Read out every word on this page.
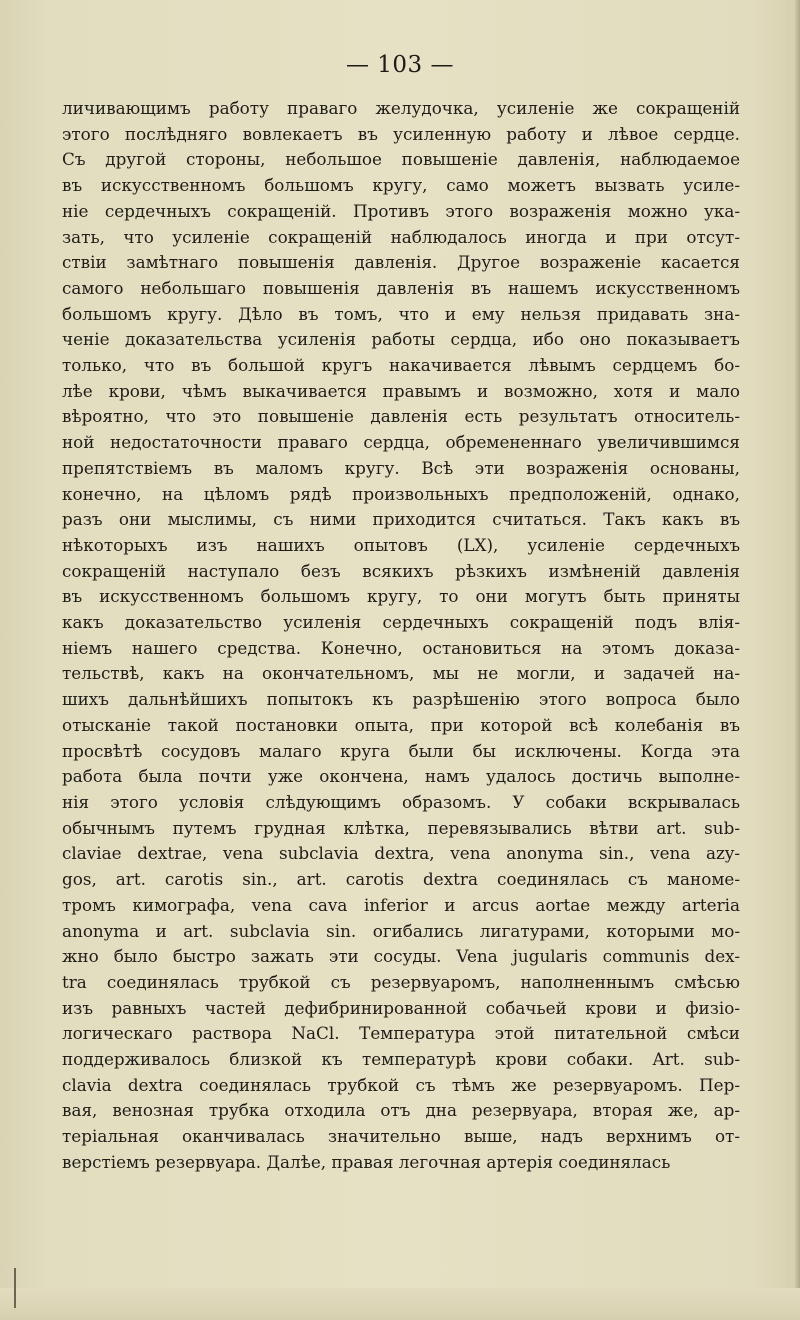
— 103 —
личивающимъ работу праваго желудочка, усиленіе же сокращеній
этого послѣдняго вовлекаетъ въ усиленную работу и лѣвое сердце.
Съ другой стороны, небольшое повышеніе давленія, наблюдаемое
въ искусственномъ большомъ кругу, само можетъ вызвать усиле-
ніе сердечныхъ сокращеній. Противъ этого возраженія можно ука-
зать, что усиленіе сокращеній наблюдалось иногда и при отсут-
ствіи замѣтнаго повышенія давленія. Другое возраженіе касается
самого небольшаго повышенія давленія въ нашемъ искусственномъ
большомъ кругу. Дѣло въ томъ, что и ему нельзя придавать зна-
ченіе доказательства усиленія работы сердца, ибо оно показываетъ
только, что въ большой кругъ накачивается лѣвымъ сердцемъ бо-
лѣе крови, чѣмъ выкачивается правымъ и возможно, хотя и мало
вѣроятно, что это повышеніе давленія есть результатъ относитель-
ной недостаточности праваго сердца, обремененнаго увеличившимся
препятствіемъ въ маломъ кругу. Всѣ эти возраженія основаны,
конечно, на цѣломъ рядѣ произвольныхъ предположеній, однако,
разъ они мыслимы, съ ними приходится считаться. Такъ какъ въ
нѣкоторыхъ изъ нашихъ опытовъ (LX), усиленіе сердечныхъ
сокращеній наступало безъ всякихъ рѣзкихъ измѣненій давленія
въ искусственномъ большомъ кругу, то они могутъ быть приняты
какъ доказательство усиленія сердечныхъ сокращеній подъ влія-
ніемъ нашего средства. Конечно, остановиться на этомъ доказа-
тельствѣ, какъ на окончательномъ, мы не могли, и задачей на-
шихъ дальнѣйшихъ попытокъ къ разрѣшенію этого вопроса было
отысканіе такой постановки опыта, при которой всѣ колебанія въ
просвѣтѣ сосудовъ малаго круга были бы исключены. Когда эта
работа была почти уже окончена, намъ удалось достичь выполне-
нія этого условія слѣдующимъ образомъ. У собаки вскрывалась
обычнымъ путемъ грудная клѣтка, перевязывались вѣтви art. sub-
claviae dextrae, vena subclavia dextra, vena anonyma sin., vena azy-
gos, art. carotis sin., art. carotis dextra соединялась съ маноме-
тромъ кимографа, vena cava inferior и arcus aortae между arteria
anonyma и art. subclavia sin. огибались лигатурами, которыми мо-
жно было быстро зажать эти сосуды. Vena jugularis communis dex-
tra соединялась трубкой съ резервуаромъ, наполненнымъ смѣсью
изъ равныхъ частей дефибринированной собачьей крови и физіо-
логическаго раствора NaCl. Температура этой питательной смѣси
поддерживалось близкой къ температурѣ крови собаки. Art. sub-
clavia dextra соединялась трубкой съ тѣмъ же резервуаромъ. Пер-
вая, венозная трубка отходила отъ дна резервуара, вторая же, ар-
теріальная оканчивалась значительно выше, надъ верхнимъ от-
верстіемъ резервуара. Далѣе, правая легочная артерія соединялась
